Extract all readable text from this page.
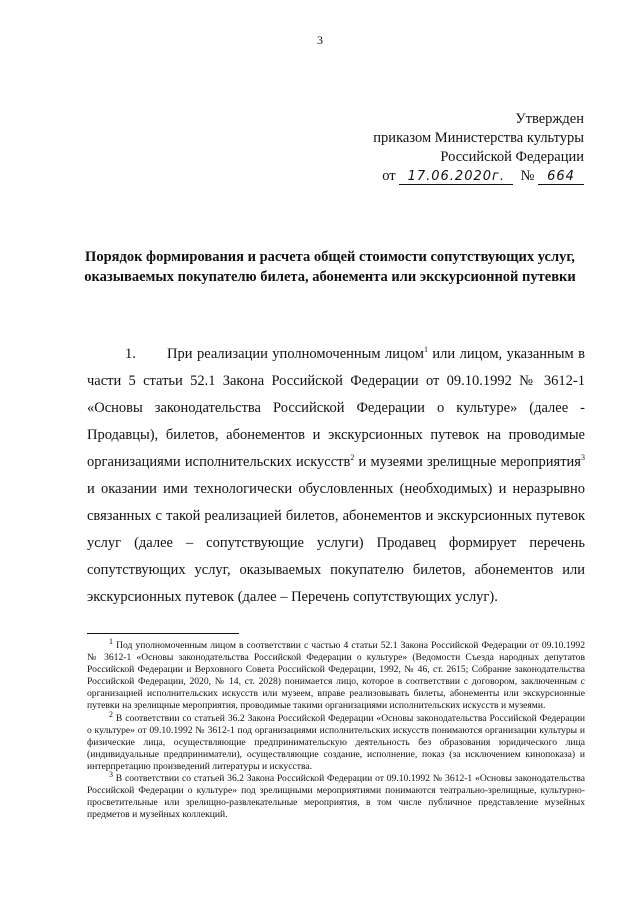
3
Утвержден
приказом Министерства культуры
Российской Федерации
от 17.06.2020г. № 664
Порядок формирования и расчета общей стоимости сопутствующих услуг, оказываемых покупателю билета, абонемента или экскурсионной путевки

1.       При реализации уполномоченным лицом$^1$ или лицом, указанным в части 5 статьи 52.1 Закона Российской Федерации от 09.10.1992 № 3612-1 «Основы законодательства Российской Федерации о культуре» (далее - Продавцы), билетов, абонементов и экскурсионных путевок на проводимые организациями исполнительских искусств$^2$ и музеями зрелищные мероприятия$^3$ и оказании ими технологически обусловленных (необходимых) и неразрывно связанных с такой реализацией билетов, абонементов и экскурсионных путевок услуг (далее – сопутствующие услуги) Продавец формирует перечень сопутствующих услуг, оказываемых покупателю билетов, абонементов или экскурсионных путевок (далее – Перечень сопутствующих услуг).

$^1$ Под уполномоченным лицом в соответствии с частью 4 статьи 52.1 Закона Российской Федерации от 09.10.1992 № 3612-1 «Основы законодательства Российской Федерации о культуре» (Ведомости Съезда народных депутатов Российской Федерации и Верховного Совета Российской Федерации, 1992, № 46, ст. 2615; Собрание законодательства Российской Федерации, 2020, № 14, ст. 2028) понимается лицо, которое в соответствии с договором, заключенным с организацией исполнительских искусств или музеем, вправе реализовывать билеты, абонементы или экскурсионные путевки на зрелищные мероприятия, проводимые такими организациями исполнительских искусств и музеями.

$^2$ В соответствии со статьей 36.2 Закона Российской Федерации «Основы законодательства Российской Федерации о культуре» от 09.10.1992 № 3612-1 под организациями исполнительских искусств понимаются организации культуры и физические лица, осуществляющие предпринимательскую деятельность без образования юридического лица (индивидуальные предприниматели), осуществляющие создание, исполнение, показ (за исключением кинопоказа) и интерпретацию произведений литературы и искусства.

$^3$ В соответствии со статьей 36.2 Закона Российской Федерации от 09.10.1992 № 3612-1 «Основы законодательства Российской Федерации о культуре» под зрелищными мероприятиями понимаются театрально-зрелищные, культурно-просветительные или зрелищно-развлекательные мероприятия, в том числе публичное представление музейных предметов и музейных коллекций.
